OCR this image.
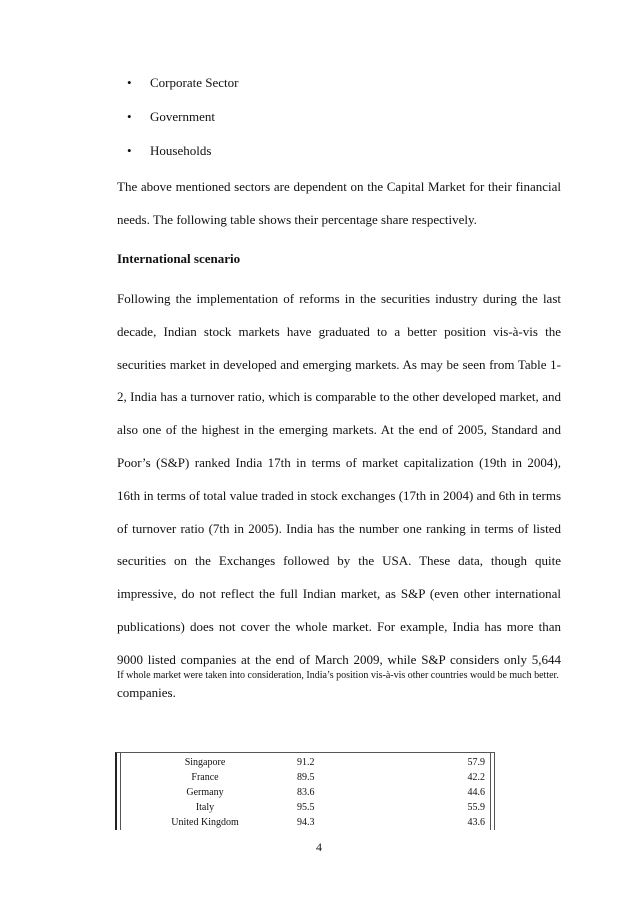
•	Corporate Sector
•	Government
•	Households

The above mentioned sectors are dependent on the Capital Market for their financial needs. The following table shows their percentage share respectively.

International scenario

Following the implementation of reforms in the securities industry during the last decade, Indian stock markets have graduated to a better position vis-à-vis the securities market in developed and emerging markets. As may be seen from Table 1-2, India has a turnover ratio, which is comparable to the other developed market, and also one of the highest in the emerging markets. At the end of 2005, Standard and Poor’s (S&P) ranked India 17th in terms of market capitalization (19th in 2004), 16th in terms of total value traded in stock exchanges (17th in 2004) and 6th in terms of turnover ratio (7th in 2005). India has the number one ranking in terms of listed securities on the Exchanges followed by the USA. These data, though quite impressive, do not reflect the full Indian market, as S&P (even other international publications) does not cover the whole market. For example, India has more than 9000 listed companies at the end of March 2009, while S&P considers only 5,644 companies.

If whole market were taken into consideration, India’s position vis-à-vis other countries would be much better.

Singapore	91.2	57.9
France	89.5	42.2
Germany	83.6	44.6
Italy	95.5	55.9
United Kingdom	94.3	43.6
4
